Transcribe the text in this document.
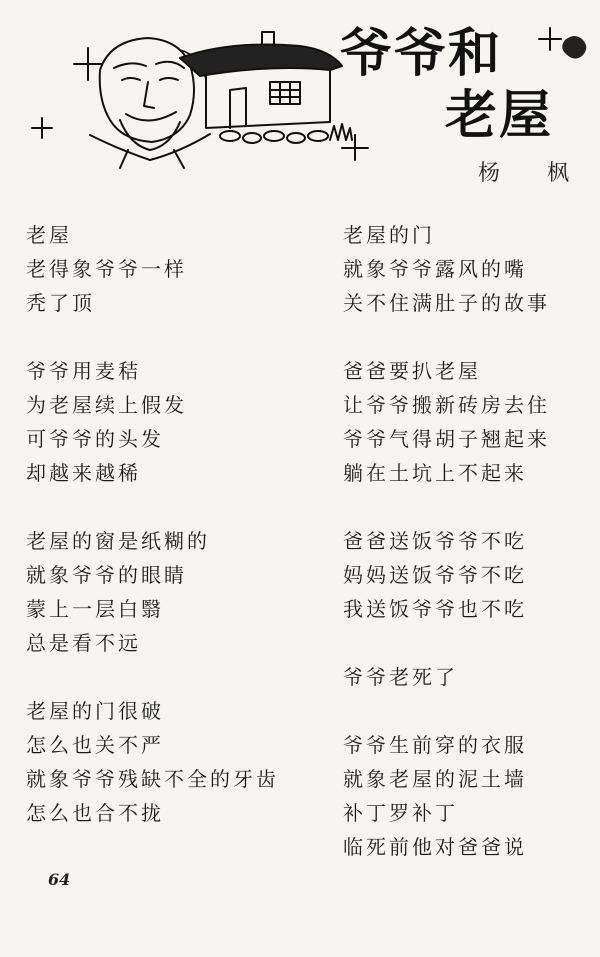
爷爷和
老屋
杨 枫
老屋
老得象爷爷一样
秃了顶
爷爷用麦秸
为老屋续上假发
可爷爷的头发
却越来越稀
老屋的窗是纸糊的
就象爷爷的眼睛
蒙上一层白翳
总是看不远
老屋的门很破
怎么也关不严
就象爷爷残缺不全的牙齿
怎么也合不拢
老屋的门
就象爷爷露风的嘴
关不住满肚子的故事
爸爸要扒老屋
让爷爷搬新砖房去住
爷爷气得胡子翘起来
躺在土坑上不起来
爸爸送饭爷爷不吃
妈妈送饭爷爷不吃
我送饭爷爷也不吃
爷爷老死了
爷爷生前穿的衣服
就象老屋的泥土墙
补丁罗补丁
临死前他对爸爸说
64
